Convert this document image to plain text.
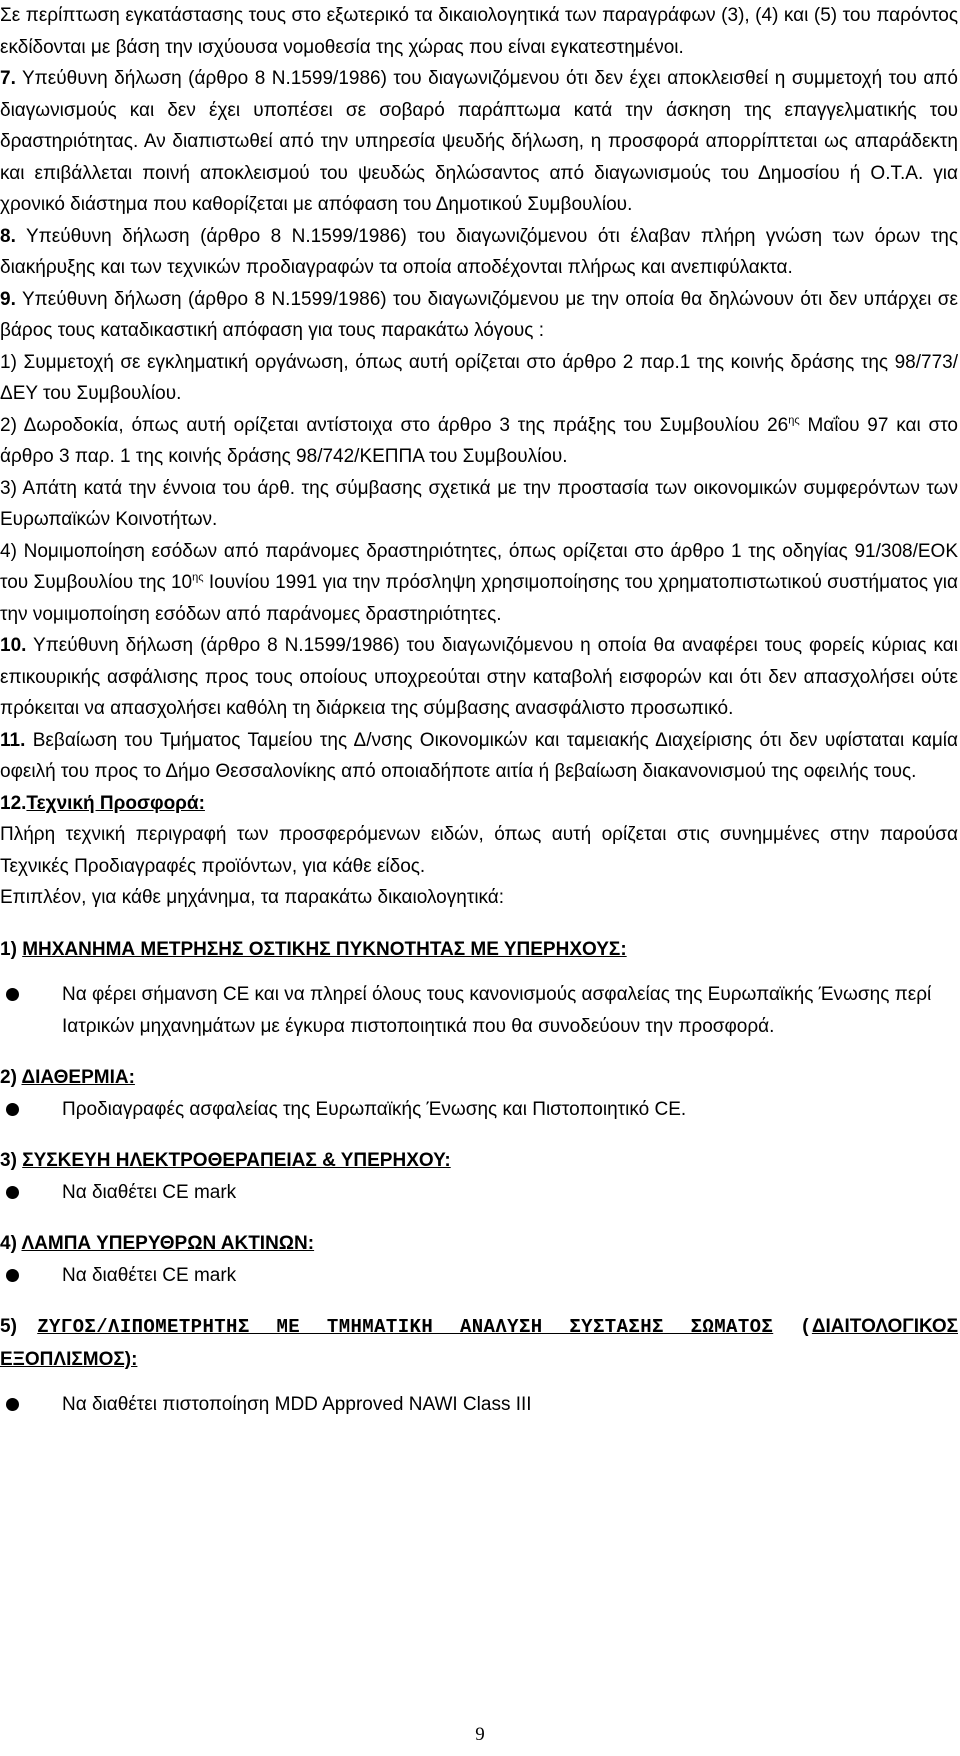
Σε περίπτωση εγκατάστασης τους στο εξωτερικό τα δικαιολογητικά των παραγράφων (3), (4) και (5) του παρόντος εκδίδονται με βάση την ισχύουσα νομοθεσία της χώρας που είναι εγκατεστημένοι.

7. Υπεύθυνη δήλωση (άρθρο 8 Ν.1599/1986) του διαγωνιζόμενου ότι δεν έχει αποκλεισθεί η συμμετοχή του από διαγωνισμούς και δεν έχει υποπέσει σε σοβαρό παράπτωμα κατά την άσκηση της επαγγελματικής του δραστηριότητας. Αν διαπιστωθεί από την υπηρεσία ψευδής δήλωση, η προσφορά απορρίπτεται ως απαράδεκτη και επιβάλλεται ποινή αποκλεισμού του ψευδώς δηλώσαντος από διαγωνισμούς του Δημοσίου ή Ο.Τ.Α. για χρονικό διάστημα που καθορίζεται με απόφαση του Δημοτικού Συμβουλίου.

8. Υπεύθυνη δήλωση (άρθρο 8 Ν.1599/1986) του διαγωνιζόμενου ότι έλαβαν πλήρη γνώση των όρων της διακήρυξης και των τεχνικών προδιαγραφών τα οποία αποδέχονται πλήρως και ανεπιφύλακτα.

9. Υπεύθυνη δήλωση (άρθρο 8 Ν.1599/1986) του διαγωνιζόμενου με την οποία θα δηλώνουν ότι δεν υπάρχει σε βάρος τους καταδικαστική απόφαση για τους παρακάτω λόγους :

1) Συμμετοχή σε εγκληματική οργάνωση, όπως αυτή ορίζεται στο άρθρο 2 παρ.1 της κοινής δράσης της 98/773/ΔΕΥ του Συμβουλίου.

2) Δωροδοκία, όπως αυτή ορίζεται αντίστοιχα στο άρθρο 3 της πράξης του Συμβουλίου $26^{\eta\varsigma}$ Μαΐου 97 και στο άρθρο 3 παρ. 1 της κοινής δράσης 98/742/ΚΕΠΠΑ του Συμβουλίου.

3) Απάτη κατά την έννοια του άρθ. της σύμβασης σχετικά με την προστασία των οικονομικών συμφερόντων των Ευρωπαϊκών Κοινοτήτων.

4) Νομιμοποίηση εσόδων από παράνομες δραστηριότητες, όπως ορίζεται στο άρθρο 1 της οδηγίας 91/308/ΕΟΚ του Συμβουλίου της $10^{\eta\varsigma}$ Ιουνίου 1991 για την πρόσληψη χρησιμοποίησης του χρηματοπιστωτικού συστήματος για την νομιμοποίηση εσόδων από παράνομες δραστηριότητες.

10. Υπεύθυνη δήλωση (άρθρο 8 Ν.1599/1986) του διαγωνιζόμενου η οποία θα αναφέρει τους φορείς κύριας και επικουρικής ασφάλισης προς τους οποίους υποχρεούται στην καταβολή εισφορών και ότι δεν απασχολήσει ούτε πρόκειται να απασχολήσει καθόλη τη διάρκεια της σύμβασης ανασφάλιστο προσωπικό.

11. Βεβαίωση του Τμήματος Ταμείου της Δ/νσης Οικονομικών και ταμειακής Διαχείρισης ότι δεν υφίσταται καμία οφειλή του προς το Δήμο Θεσσαλονίκης από οποιαδήποτε αιτία ή βεβαίωση διακανονισμού της οφειλής τους.

12.Τεχνική Προσφορά:

Πλήρη τεχνική περιγραφή των προσφερόμενων ειδών, όπως αυτή ορίζεται στις συνημμένες στην παρούσα Τεχνικές Προδιαγραφές προϊόντων, για κάθε είδος.

Επιπλέον, για κάθε μηχάνημα, τα παρακάτω δικαιολογητικά:

1) ΜΗΧΑΝΗΜΑ ΜΕΤΡΗΣΗΣ ΟΣΤΙΚΗΣ ΠΥΚΝΟΤΗΤΑΣ ΜΕ ΥΠΕΡΗΧΟΥΣ:

Να φέρει σήμανση CE και να πληρεί όλους τους κανονισμούς ασφαλείας της Ευρωπαϊκής Ένωσης περί Ιατρικών μηχανημάτων με έγκυρα πιστοποιητικά που θα συνοδεύουν την προσφορά.

2) ΔΙΑΘΕΡΜΙΑ:

Προδιαγραφές ασφαλείας της Ευρωπαϊκής Ένωσης και Πιστοποιητικό CE.

3) ΣΥΣΚΕΥΗ ΗΛΕΚΤΡΟΘΕΡΑΠΕΙΑΣ & ΥΠΕΡΗΧΟΥ:

Να διαθέτει CE mark

4) ΛΑΜΠΑ ΥΠΕΡΥΘΡΩΝ ΑΚΤΙΝΩΝ:

Να διαθέτει CE mark

5) ΖΥΓΟΣ/ΛΙΠΟΜΕΤΡΗΤΗΣ ΜΕ ΤΜΗΜΑΤΙΚΗ ΑΝΑΛΥΣΗ ΣΥΣΤΑΣΗΣ ΣΩΜΑΤΟΣ (ΔΙΑΙΤΟΛΟΓΙΚΟΣ ΕΞΟΠΛΙΣΜΟΣ):

Να διαθέτει πιστοποίηση MDD Approved NAWI Class III
9
